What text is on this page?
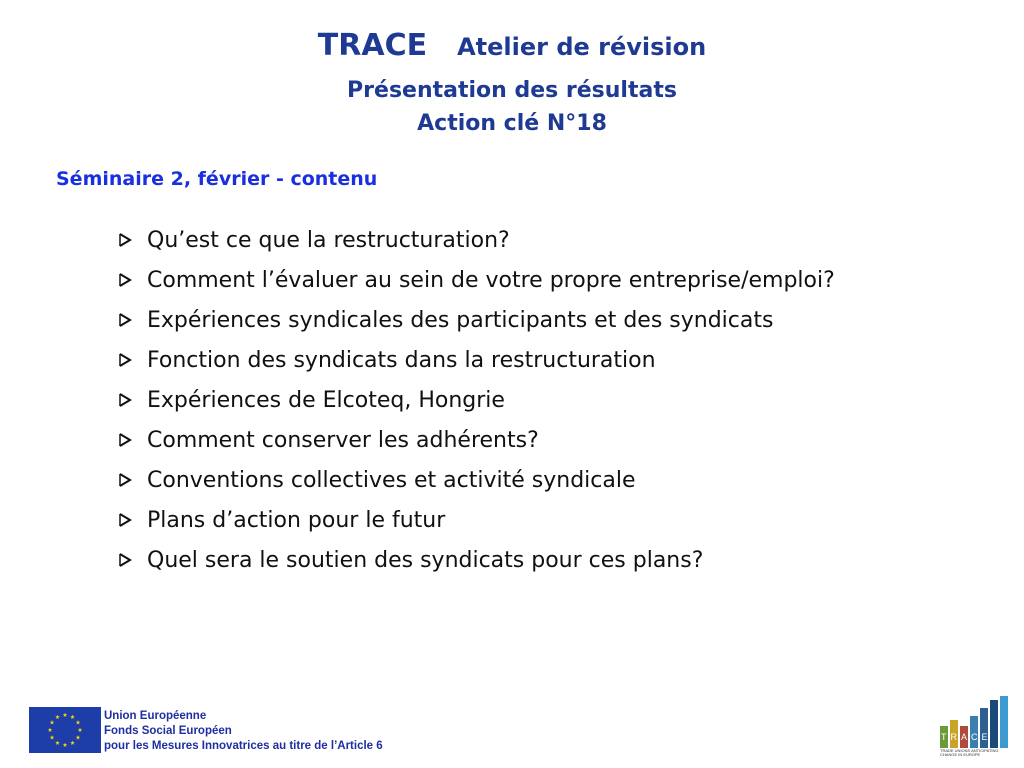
TRACE Atelier de révision
Présentation des résultats
Action clé N°18
Séminaire 2, février - contenu
Qu’est ce que la restructuration?
Comment l’évaluer au sein de votre propre entreprise/emploi?
Expériences syndicales des participants et des syndicats
Fonction des syndicats dans la restructuration
Expériences de Elcoteq, Hongrie
Comment conserver les adhérents?
Conventions collectives et activité syndicale
Plans d’action pour le futur
Quel sera le soutien des syndicats pour ces plans?
Union Européenne
Fonds Social Européen
pour les Mesures Innovatrices au titre de l’Article 6
TRACE
TRADE UNIONS ANTICIPATING
CHANGE IN EUROPE
